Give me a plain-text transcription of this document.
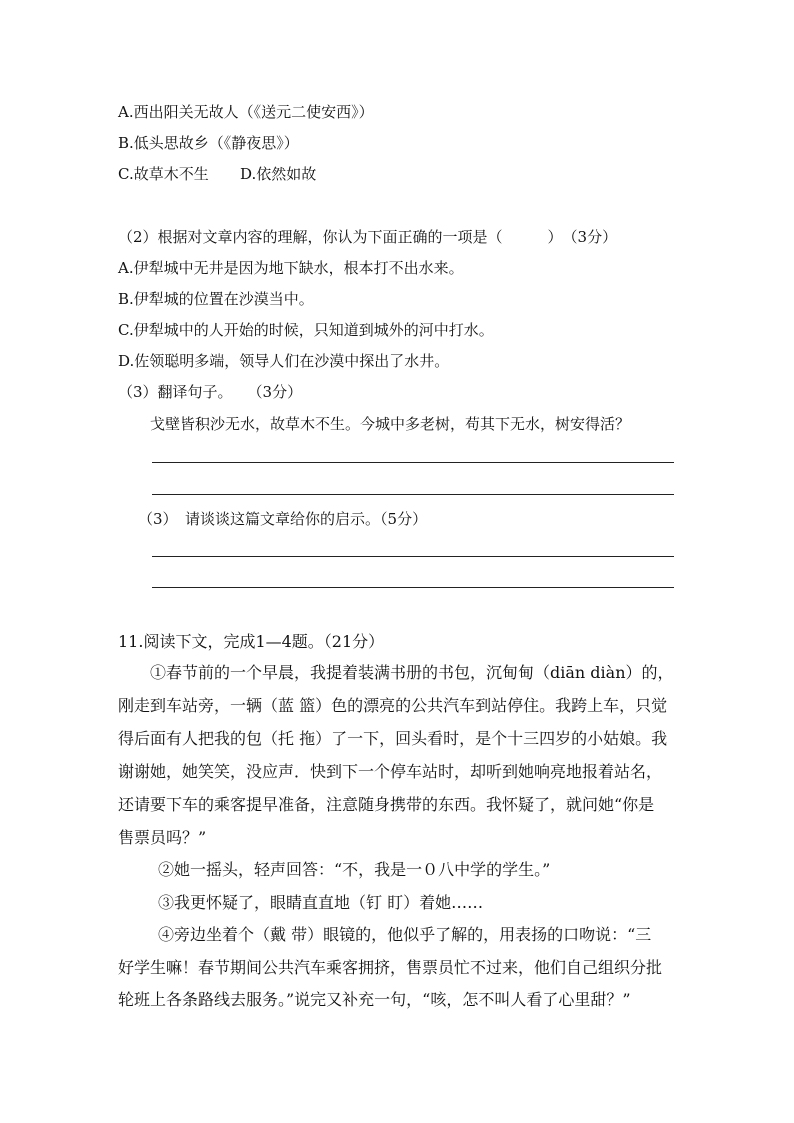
A.西出阳关无故人（《送元二使安西》）
B.低头思故乡（《静夜思》）
C.故草木不生 D.依然如故
（2）根据对文章内容的理解，你认为下面正确的一项是（　　　）　（3分）
A.伊犁城中无井是因为地下缺水，根本打不出水来。
B.伊犁城的位置在沙漠当中。
C.伊犁城中的人开始的时候，只知道到城外的河中打水。
D.佐领聪明多端，领导人们在沙漠中探出了水井。
（3）翻译句子。　　（3分）
戈壁皆积沙无水，故草木不生。今城中多老树，苟其下无水，树安得活？
（3）　请谈谈这篇文章给你的启示。（5分）
11.阅读下文，完成1—4题。（21分）
①春节前的一个早晨，我提着装满书册的书包，沉甸甸（diān diàn）的，
刚走到车站旁，一辆（蓝 篮）色的漂亮的公共汽车到站停住。我跨上车，只觉
得后面有人把我的包（托 拖）了一下，回头看时，是个十三四岁的小姑娘。我
谢谢她，她笑笑，没应声．快到下一个停车站时，却听到她响亮地报着站名，
还请要下车的乘客提早准备，注意随身携带的东西。我怀疑了，就问她“你是
售票员吗？”
②她一摇头，轻声回答：“不，我是一０八中学的学生。”
③我更怀疑了，眼睛直直地（钉 盯）着她……
④旁边坐着个（戴 带）眼镜的，他似乎了解的，用表扬的口吻说：“三
好学生嘛！春节期间公共汽车乘客拥挤，售票员忙不过来，他们自己组织分批
轮班上各条路线去服务。”说完又补充一句，“咳，怎不叫人看了心里甜？”
